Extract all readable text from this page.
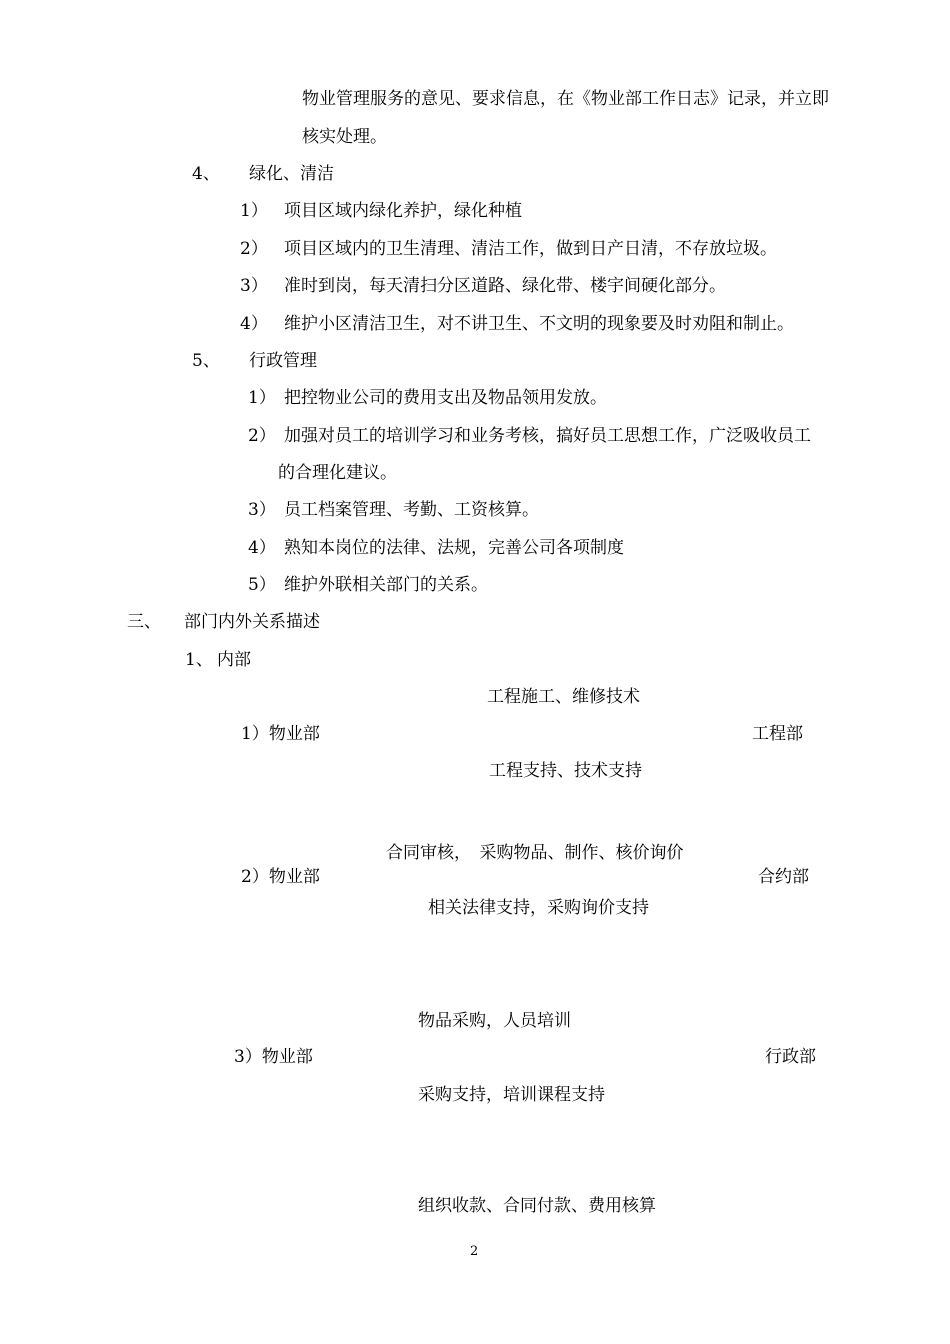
物业管理服务的意见、要求信息，在《物业部工作日志》记录，并立即
核实处理。
4、 绿化、清洁
1） 项目区域内绿化养护，绿化种植
2） 项目区域内的卫生清理、清洁工作，做到日产日清，不存放垃圾。
3） 准时到岗，每天清扫分区道路、绿化带、楼宇间硬化部分。
4） 维护小区清洁卫生，对不讲卫生、不文明的现象要及时劝阻和制止。
5、 行政管理
1） 把控物业公司的费用支出及物品领用发放。
2） 加强对员工的培训学习和业务考核，搞好员工思想工作，广泛吸收员工
的合理化建议。
3） 员工档案管理、考勤、工资核算。
4） 熟知本岗位的法律、法规，完善公司各项制度
5） 维护外联相关部门的关系。
三、 部门内外关系描述
1、 内部
工程施工、维修技术
1）物业部	工程部
工程支持、技术支持
合同审核，　采购物品、制作、核价询价
2）物业部	合约部
相关法律支持，采购询价支持
物品采购，人员培训
3）物业部	行政部
采购支持，培训课程支持
组织收款、合同付款、费用核算
2
